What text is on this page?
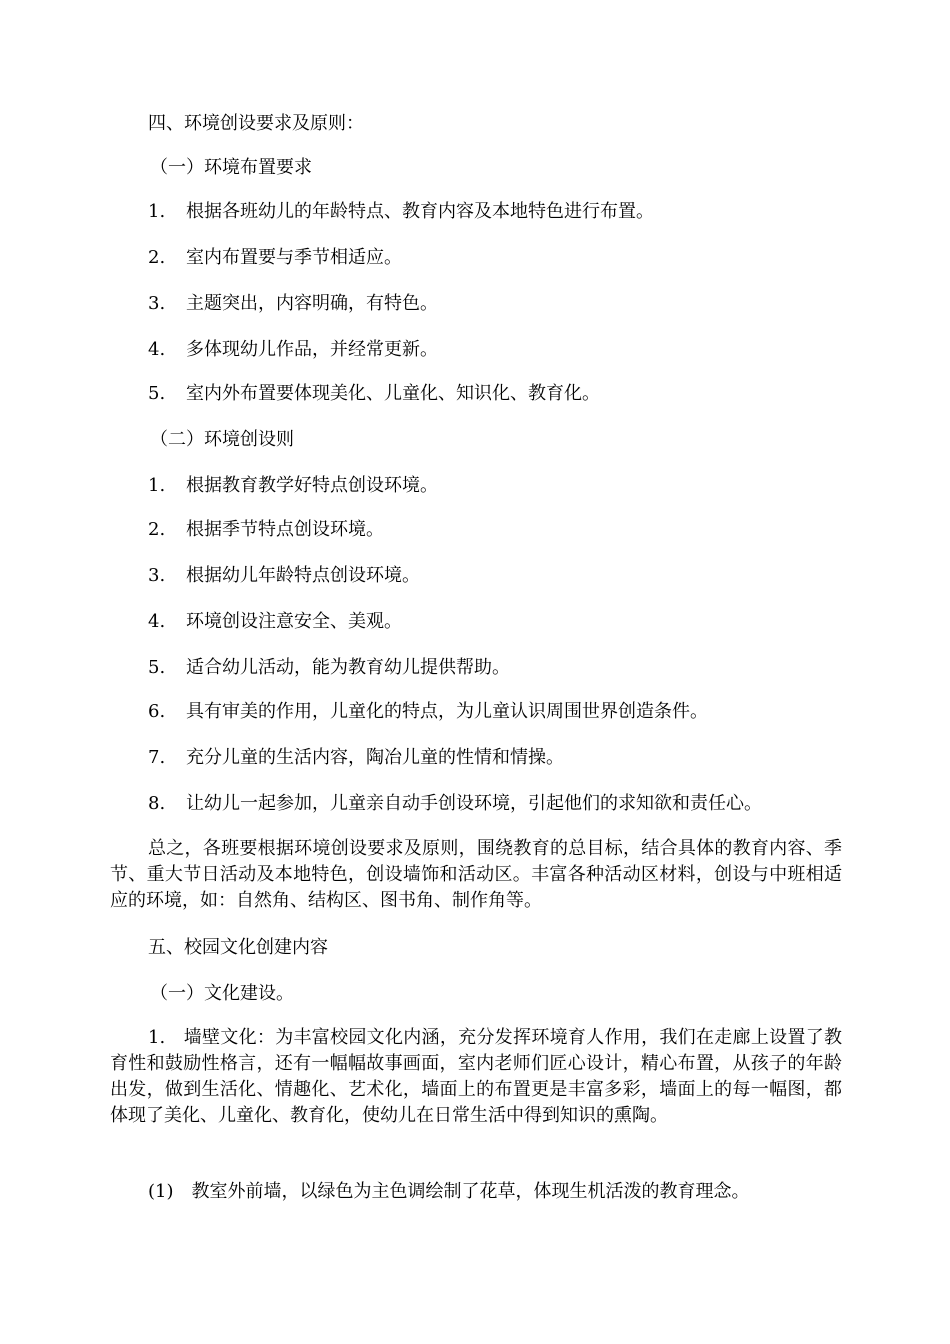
四、环境创设要求及原则：
（一）环境布置要求
1. 根据各班幼儿的年龄特点、教育内容及本地特色进行布置。
2. 室内布置要与季节相适应。
3. 主题突出，内容明确，有特色。
4. 多体现幼儿作品，并经常更新。
5. 室内外布置要体现美化、儿童化、知识化、教育化。
（二）环境创设则
1. 根据教育教学好特点创设环境。
2. 根据季节特点创设环境。
3. 根据幼儿年龄特点创设环境。
4. 环境创设注意安全、美观。
5. 适合幼儿活动，能为教育幼儿提供帮助。
6. 具有审美的作用，儿童化的特点，为儿童认识周围世界创造条件。
7. 充分儿童的生活内容，陶冶儿童的性情和情操。
8. 让幼儿一起参加，儿童亲自动手创设环境，引起他们的求知欲和责任心。
总之，各班要根据环境创设要求及原则，围绕教育的总目标，结合具体的教育内容、季节、重大节日活动及本地特色，创设墙饰和活动区。丰富各种活动区材料，创设与中班相适应的环境，如：自然角、结构区、图书角、制作角等。
五、校园文化创建内容
（一）文化建设。
1.　墙壁文化：为丰富校园文化内涵，充分发挥环境育人作用，我们在走廊上设置了教育性和鼓励性格言，还有一幅幅故事画面，室内老师们匠心设计，精心布置，从孩子的年龄出发，做到生活化、情趣化、艺术化，墙面上的布置更是丰富多彩，墙面上的每一幅图，都体现了美化、儿童化、教育化，使幼儿在日常生活中得到知识的熏陶。
(1)　教室外前墙，以绿色为主色调绘制了花草，体现生机活泼的教育理念。
